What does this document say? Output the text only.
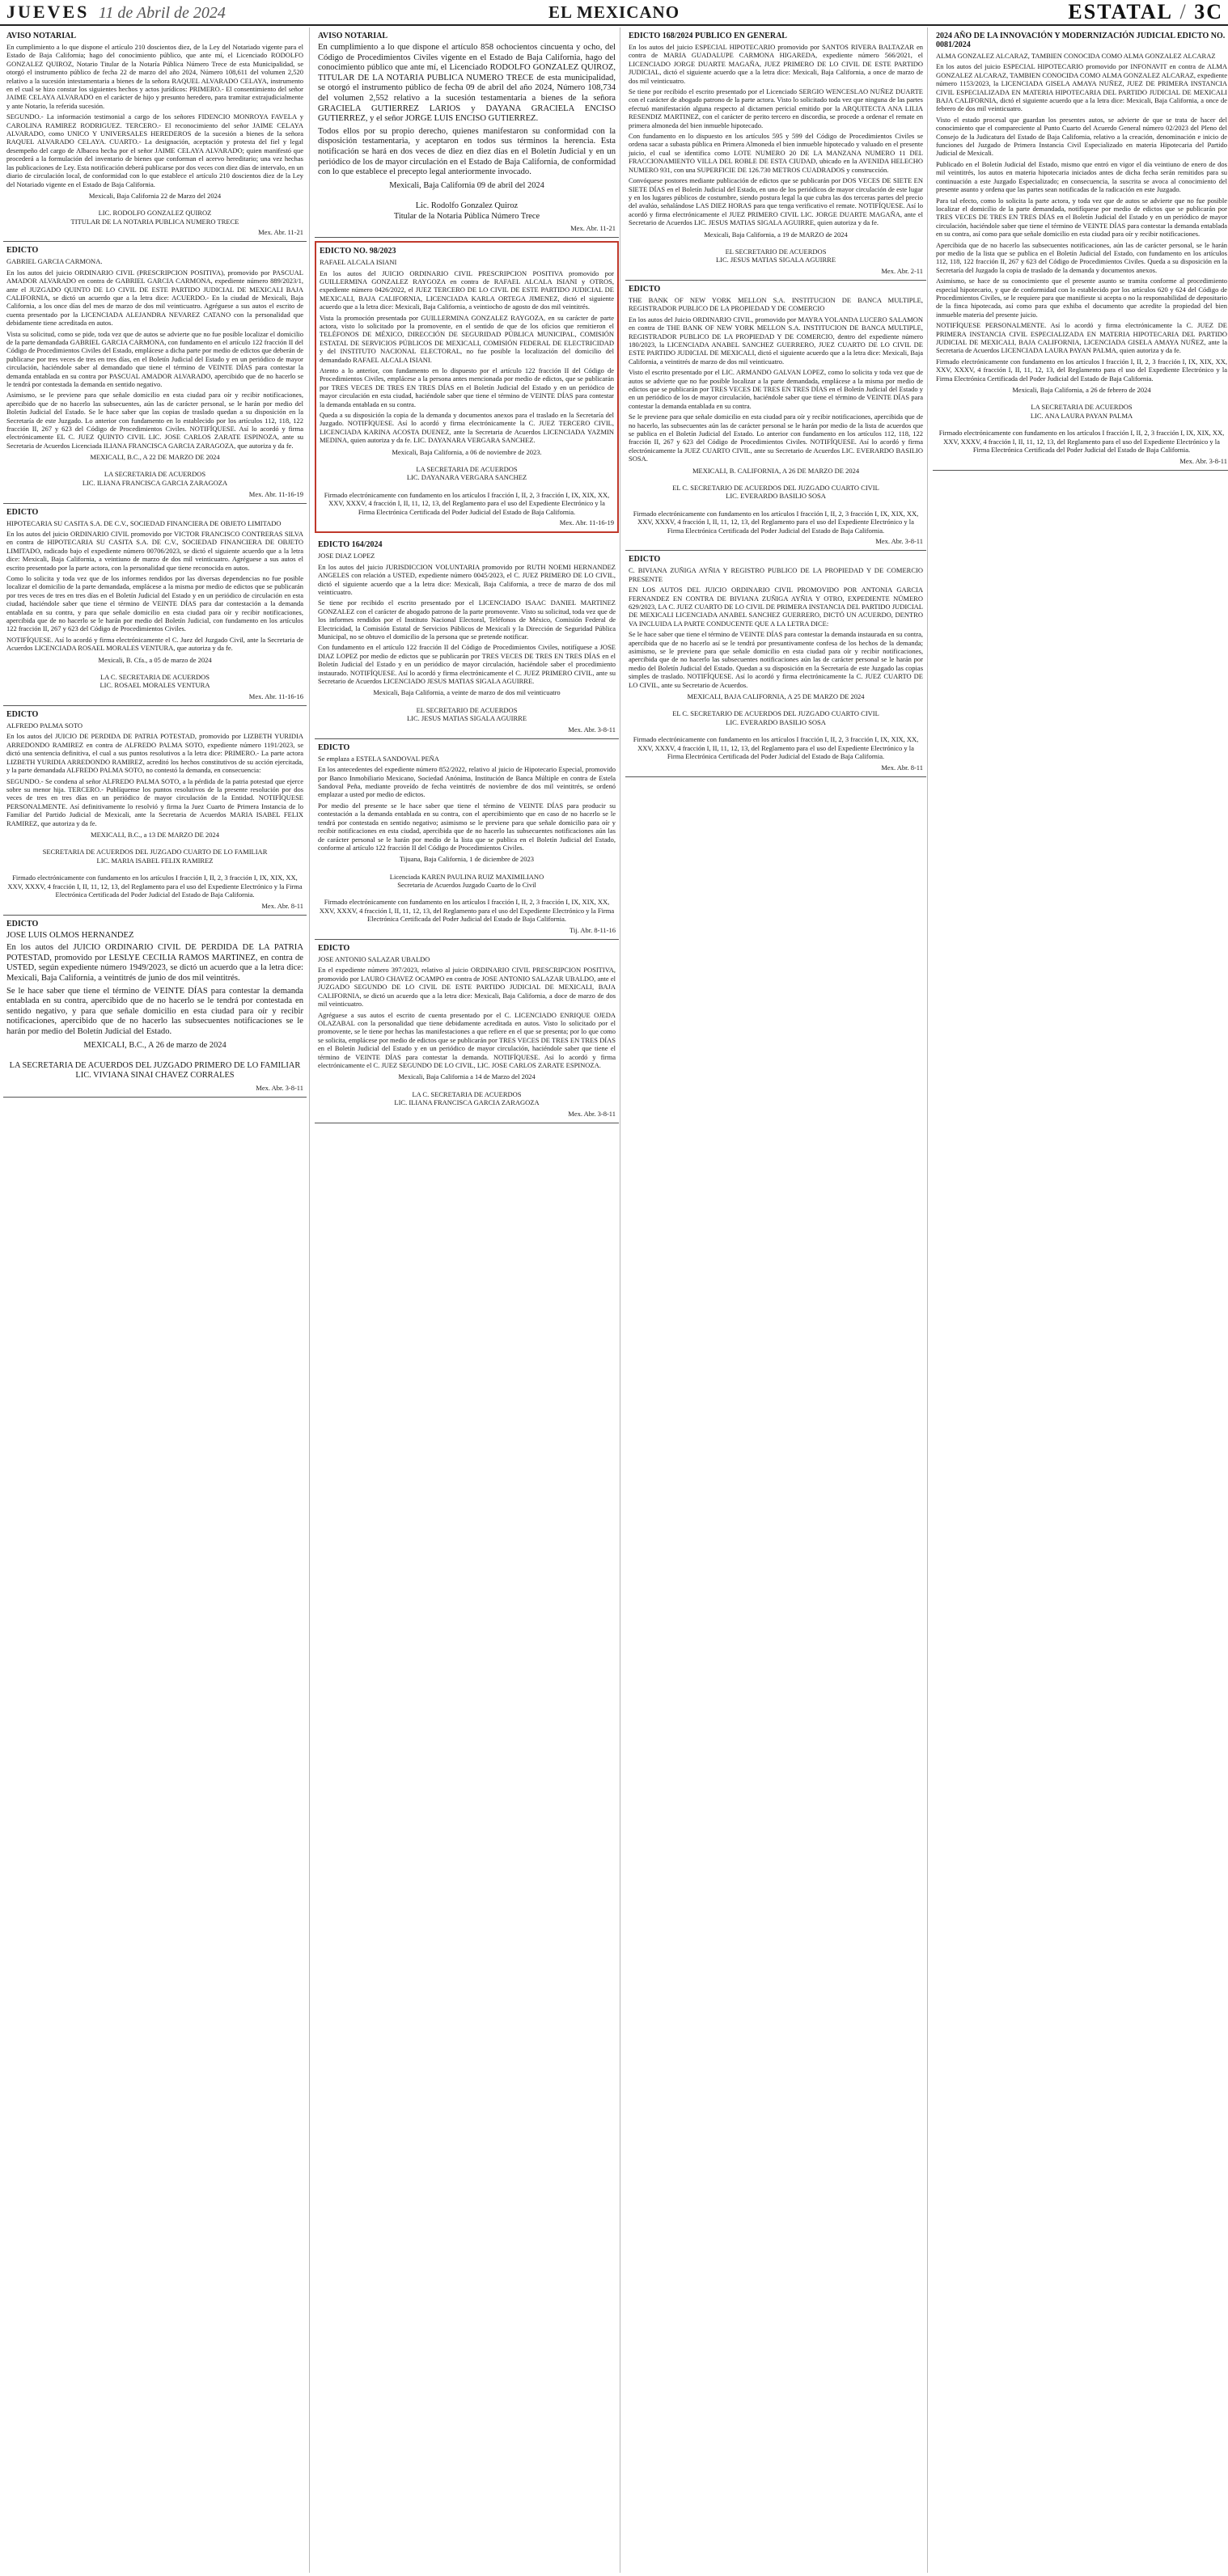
JUEVES 11 de Abril de 2024	EL MEXICANO	ESTATAL / 3C
AVISO NOTARIAL

En cumplimiento a lo que dispone el artículo 210 doscientos diez, de la Ley del Notariado vigente para el Estado de Baja California; hago del conocimiento público, que ante mí, el Licenciado RODOLFO GONZALEZ QUIROZ, Notario Titular de la Notaría Pública Número Trece de esta Municipalidad, se otorgó el instrumento público de fecha 22 de marzo del año 2024, Número 108,611 del volumen 2,520 relativo a la sucesión intestamentaria a bienes de la señora RAQUEL ALVARADO CELAYA, instrumento en el cual se hizo constar los siguientes hechos y actos jurídicos: PRIMERO.- El consentimiento del señor JAIME CELAYA ALVARADO en el carácter de hijo y presunto heredero, para tramitar extrajudicialmente y ante Notario, la referida sucesión.

SEGUNDO.- La información testimonial a cargo de los señores FIDENCIO MONROYA FAVELA y CAROLINA RAMIREZ RODRIGUEZ. TERCERO.- El reconocimiento del señor JAIME CELAYA ALVARADO, como UNICO Y UNIVERSALES HEREDEROS de la sucesión a bienes de la señora RAQUEL ALVARADO CELAYA. CUARTO.- La designación, aceptación y protesta del fiel y legal desempeño del cargo de Albacea hecha por el señor JAIME CELAYA ALVARADO; quien manifestó que procederá a la formulación del inventario de bienes que conforman el acervo hereditario; una vez hechas las publicaciones de Ley. Esta notificación deberá publicarse por dos veces con diez días de intervalo, en un diario de circulación local, de conformidad con lo que establece el artículo 210 doscientos diez de la Ley del Notariado vigente en el Estado de Baja California.

Mexicali, Baja California 22 de Marzo del 2024

LIC. RODOLFO GONZALEZ QUIROZ
TITULAR DE LA NOTARIA PUBLICA NUMERO TRECE
Mex. Abr. 11-21
EDICTO

GABRIEL GARCIA CARMONA.

En los autos del juicio ORDINARIO CIVIL (PRESCRIPCION POSITIVA), promovido por PASCUAL AMADOR ALVARADO en contra de GABRIEL GARCIA CARMONA, expediente número 889/2023/1, ante el JUZGADO QUINTO DE LO CIVIL DE ESTE PARTIDO JUDICIAL DE MEXICALI BAJA CALIFORNIA, se dictó un acuerdo que a la letra dice: ACUERDO.- En la ciudad de Mexicali, Baja California, a los once días del mes de marzo de dos mil veinticuatro. Agréguese a sus autos el escrito de cuenta presentado por la LICENCIADA ALEJANDRA NEVAREZ CATANO con la personalidad que debidamente tiene acreditada en autos.

Vista su solicitud, como se pide, toda vez que de autos se advierte que no fue posible localizar el domicilio de la parte demandada GABRIEL GARCIA CARMONA, con fundamento en el artículo 122 fracción II del Código de Procedimientos Civiles del Estado, emplácese a dicha parte por medio de edictos que deberán de publicarse por tres veces de tres en tres días, en el Boletín Judicial del Estado y en un periódico de mayor circulación, haciéndole saber al demandado que tiene el término de VEINTE DÍAS para contestar la demanda entablada en su contra por PASCUAL AMADOR ALVARADO, apercibido que de no hacerlo se le tendrá por contestada la demanda en sentido negativo.

Asimismo, se le previene para que señale domicilio en esta ciudad para oír y recibir notificaciones, apercibido que de no hacerlo las subsecuentes, aún las de carácter personal, se le harán por medio del Boletín Judicial del Estado. Se le hace saber que las copias de traslado quedan a su disposición en la Secretaría de este Juzgado. Lo anterior con fundamento en lo establecido por los artículos 112, 118, 122 fracción II, 267 y 623 del Código de Procedimientos Civiles. NOTIFÍQUESE. Así lo acordó y firma electrónicamente EL C. JUEZ QUINTO CIVIL LIC. JOSE CARLOS ZARATE ESPINOZA, ante su Secretaria de Acuerdos Licenciada ILIANA FRANCISCA GARCIA ZARAGOZA, que autoriza y da fe.

MEXICALI, B.C., A 22 DE MARZO DE 2024

LA SECRETARIA DE ACUERDOS
LIC. ILIANA FRANCISCA GARCIA ZARAGOZA
Mex. Abr. 11-16-19
EDICTO

HIPOTECARIA SU CASITA S.A. DE C.V., SOCIEDAD FINANCIERA DE OBJETO LIMITADO

En los autos del juicio ORDINARIO CIVIL promovido por VICTOR FRANCISCO CONTRERAS SILVA en contra de HIPOTECARIA SU CASITA S.A. DE C.V., SOCIEDAD FINANCIERA DE OBJETO LIMITADO, radicado bajo el expediente número 00706/2023, se dictó el siguiente acuerdo que a la letra dice: Mexicali, Baja California, a veintiuno de marzo de dos mil veinticuatro. Agréguese a sus autos el escrito presentado por la parte actora, con la personalidad que tiene reconocida en autos.

Como lo solicita y toda vez que de los informes rendidos por las diversas dependencias no fue posible localizar el domicilio de la parte demandada, emplácese a la misma por medio de edictos que se publicarán por tres veces de tres en tres días en el Boletín Judicial del Estado y en un periódico de circulación en esta ciudad, haciéndole saber que tiene el término de VEINTE DÍAS para dar contestación a la demanda entablada en su contra, y para que señale domicilio en esta ciudad para oír y recibir notificaciones, apercibida que de no hacerlo se le harán por medio del Boletín Judicial, con fundamento en los artículos 122 fracción II, 267 y 623 del Código de Procedimientos Civiles.

NOTIFÍQUESE. Así lo acordó y firma electrónicamente el C. Juez del Juzgado Civil, ante la Secretaria de Acuerdos LICENCIADA ROSAEL MORALES VENTURA, que autoriza y da fe.

Mexicali, B. Cfa., a 05 de marzo de 2024

LA C. SECRETARIA DE ACUERDOS
LIC. ROSAEL MORALES VENTURA
Mex. Abr. 11-16-16
EDICTO

ALFREDO PALMA SOTO

En los autos del JUICIO DE PERDIDA DE PATRIA POTESTAD, promovido por LIZBETH YURIDIA ARREDONDO RAMIREZ en contra de ALFREDO PALMA SOTO, expediente número 1191/2023, se dictó una sentencia definitiva, el cual a sus puntos resolutivos a la letra dice: PRIMERO.- La parte actora LIZBETH YURIDIA ARREDONDO RAMIREZ, acreditó los hechos constitutivos de su acción ejercitada, y la parte demandada ALFREDO PALMA SOTO, no contestó la demanda, en consecuencia:

SEGUNDO.- Se condena al señor ALFREDO PALMA SOTO, a la pérdida de la patria potestad que ejerce sobre su menor hija. TERCERO.- Publíquense los puntos resolutivos de la presente resolución por dos veces de tres en tres días en un periódico de mayor circulación de la Entidad. NOTIFÍQUESE PERSONALMENTE. Así definitivamente lo resolvió y firma la Juez Cuarto de Primera Instancia de lo Familiar del Partido Judicial de Mexicali, ante la Secretaria de Acuerdos MARIA ISABEL FELIX RAMIREZ, que autoriza y da fe.

MEXICALI, B.C., a 13 DE MARZO DE 2024

SECRETARIA DE ACUERDOS DEL JUZGADO CUARTO DE LO FAMILIAR
LIC. MARIA ISABEL FELIX RAMIREZ

Firmado electrónicamente con fundamento en los artículos I fracción I, II, 2, 3 fracción I, IX, XIX, XX, XXV, XXXV, 4 fracción I, II, 11, 12, 13, del Reglamento para el uso del Expediente Electrónico y la Firma Electrónica Certificada del Poder Judicial del Estado de Baja California.
Mex. Abr. 8-11
EDICTO

JOSE LUIS OLMOS HERNANDEZ

En los autos del JUICIO ORDINARIO CIVIL DE PERDIDA DE LA PATRIA POTESTAD, promovido por LESLYE CECILIA RAMOS MARTINEZ, en contra de USTED, según expediente número 1949/2023, se dictó un acuerdo que a la letra dice: Mexicali, Baja California, a veintitrés de junio de dos mil veintitrés.

Se le hace saber que tiene el término de VEINTE DÍAS para contestar la demanda entablada en su contra, apercibido que de no hacerlo se le tendrá por contestada en sentido negativo, y para que señale domicilio en esta ciudad para oír y recibir notificaciones, apercibido que de no hacerlo las subsecuentes notificaciones se le harán por medio del Boletín Judicial del Estado.

MEXICALI, B.C., A 26 de marzo de 2024

LA SECRETARIA DE ACUERDOS DEL JUZGADO PRIMERO DE LO FAMILIAR
LIC. VIVIANA SINAI CHAVEZ CORRALES
Mex. Abr. 3-8-11
AVISO NOTARIAL

En cumplimiento a lo que dispone el artículo 858 ochocientos cincuenta y ocho, del Código de Procedimientos Civiles vigente en el Estado de Baja California, hago del conocimiento público que ante mí, el Licenciado RODOLFO GONZALEZ QUIROZ, TITULAR DE LA NOTARIA PUBLICA NUMERO TRECE de esta municipalidad, se otorgó el instrumento público de fecha 09 de abril del año 2024, Número 108,734 del volumen 2,552 relativo a la sucesión testamentaria a bienes de la señora GRACIELA GUTIERREZ LARIOS y DAYANA GRACIELA ENCISO GUTIERREZ, y el señor JORGE LUIS ENCISO GUTIERREZ.

Todos ellos por su propio derecho, quienes manifestaron su conformidad con la disposición testamentaria, y aceptaron en todos sus términos la herencia. Esta notificación se hará en dos veces de diez en diez días en el Boletín Judicial y en un periódico de los de mayor circulación en el Estado de Baja California, de conformidad con lo que establece el precepto legal anteriormente invocado.

Mexicali, Baja California 09 de abril del 2024

Lic. Rodolfo Gonzalez Quiroz
Titular de la Notaria Pública Número Trece
Mex. Abr. 11-21
EDICTO NO. 98/2023

RAFAEL ALCALA ISIANI

En los autos del JUICIO ORDINARIO CIVIL PRESCRIPCION POSITIVA promovido por GUILLERMINA GONZALEZ RAYGOZA en contra de RAFAEL ALCALA ISIANI y OTROS, expediente número 0426/2022, el JUEZ TERCERO DE LO CIVIL DE ESTE PARTIDO JUDICIAL DE MEXICALI, BAJA CALIFORNIA, LICENCIADA KARLA ORTEGA JIMENEZ, dictó el siguiente acuerdo que a la letra dice: Mexicali, Baja California, a veintiocho de agosto de dos mil veintitrés.

Vista la promoción presentada por GUILLERMINA GONZALEZ RAYGOZA, en su carácter de parte actora, visto lo solicitado por la promovente, en el sentido de que de los oficios que remitieron el TELÉFONOS DE MÉXICO, DIRECCIÓN DE SEGURIDAD PÚBLICA MUNICIPAL, COMISIÓN ESTATAL DE SERVICIOS PÚBLICOS DE MEXICALI, COMISIÓN FEDERAL DE ELECTRICIDAD y del INSTITUTO NACIONAL ELECTORAL, no fue posible la localización del domicilio del demandado RAFAEL ALCALA ISIANI.

Atento a lo anterior, con fundamento en lo dispuesto por el artículo 122 fracción II del Código de Procedimientos Civiles, emplácese a la persona antes mencionada por medio de edictos, que se publicarán por TRES VECES DE TRES EN TRES DÍAS en el Boletín Judicial del Estado y en un periódico de mayor circulación en esta ciudad, haciéndole saber que tiene el término de VEINTE DÍAS para contestar la demanda entablada en su contra.

Queda a su disposición la copia de la demanda y documentos anexos para el traslado en la Secretaría del Juzgado. NOTIFÍQUESE. Así lo acordó y firma electrónicamente la C. JUEZ TERCERO CIVIL, LICENCIADA KARINA ACOSTA DUENEZ, ante la Secretaria de Acuerdos LICENCIADA YAZMIN MEDINA, quien autoriza y da fe. LIC. DAYANARA VERGARA SANCHEZ.

Mexicali, Baja California, a 06 de noviembre de 2023.

LA SECRETARIA DE ACUERDOS
LIC. DAYANARA VERGARA SANCHEZ

Firmado electrónicamente con fundamento en los artículos I fracción I, II, 2, 3 fracción I, IX, XIX, XX, XXV, XXXV, 4 fracción I, II, 11, 12, 13, del Reglamento para el uso del Expediente Electrónico y la Firma Electrónica Certificada del Poder Judicial del Estado de Baja California.
Mex. Abr. 11-16-19
EDICTO 164/2024

JOSE DIAZ LOPEZ

En los autos del juicio JURISDICCION VOLUNTARIA promovido por RUTH NOEMI HERNANDEZ ANGELES con relación a USTED, expediente número 0045/2023, el C. JUEZ PRIMERO DE LO CIVIL, dictó el siguiente acuerdo que a la letra dice: Mexicali, Baja California, a trece de marzo de dos mil veinticuatro.

Se tiene por recibido el escrito presentado por el LICENCIADO ISAAC DANIEL MARTINEZ GONZALEZ con el carácter de abogado patrono de la parte promovente. Visto su solicitud, toda vez que de los informes rendidos por el Instituto Nacional Electoral, Teléfonos de México, Comisión Federal de Electricidad, la Comisión Estatal de Servicios Públicos de Mexicali y la Dirección de Seguridad Pública Municipal, no se obtuvo el domicilio de la persona que se pretende notificar.

Con fundamento en el artículo 122 fracción II del Código de Procedimientos Civiles, notifíquese a JOSE DIAZ LOPEZ por medio de edictos que se publicarán por TRES VECES DE TRES EN TRES DÍAS en el Boletín Judicial del Estado y en un periódico de mayor circulación, haciéndole saber el procedimiento instaurado. NOTIFÍQUESE. Así lo acordó y firma electrónicamente el C. JUEZ PRIMERO CIVIL, ante su Secretario de Acuerdos LICENCIADO JESUS MATIAS SIGALA AGUIRRE.

Mexicali, Baja California, a veinte de marzo de dos mil veinticuatro

EL SECRETARIO DE ACUERDOS
LIC. JESUS MATIAS SIGALA AGUIRRE
Mex. Abr. 3-8-11
EDICTO

Se emplaza a ESTELA SANDOVAL PEÑA

En los antecedentes del expediente número 852/2022, relativo al juicio de Hipotecario Especial, promovido por Banco Inmobiliario Mexicano, Sociedad Anónima, Institución de Banca Múltiple en contra de Estela Sandoval Peña, mediante proveído de fecha veintitrés de noviembre de dos mil veintitrés, se ordenó emplazar a usted por medio de edictos.

Por medio del presente se le hace saber que tiene el término de VEINTE DÍAS para producir su contestación a la demanda entablada en su contra, con el apercibimiento que en caso de no hacerlo se le tendrá por contestada en sentido negativo; asimismo se le previene para que señale domicilio para oír y recibir notificaciones en esta ciudad, apercibida que de no hacerlo las subsecuentes notificaciones aún las de carácter personal se le harán por medio de la lista que se publica en el Boletín Judicial del Estado, conforme al artículo 122 fracción II del Código de Procedimientos Civiles.

Tijuana, Baja California, 1 de diciembre de 2023

Licenciada KAREN PAULINA RUIZ MAXIMILIANO
Secretaria de Acuerdos Juzgado Cuarto de lo Civil

Firmado electrónicamente con fundamento en los artículos I fracción I, II, 2, 3 fracción I, IX, XIX, XX, XXV, XXXV, 4 fracción I, II, 11, 12, 13, del Reglamento para el uso del Expediente Electrónico y la Firma Electrónica Certificada del Poder Judicial del Estado de Baja California.
Tij. Abr. 8-11-16
EDICTO

JOSE ANTONIO SALAZAR UBALDO

En el expediente número 397/2023, relativo al juicio ORDINARIO CIVIL PRESCRIPCION POSITIVA, promovido por LAURO CHAVEZ OCAMPO en contra de JOSE ANTONIO SALAZAR UBALDO, ante el JUZGADO SEGUNDO DE LO CIVIL DE ESTE PARTIDO JUDICIAL DE MEXICALI, BAJA CALIFORNIA, se dictó un acuerdo que a la letra dice: Mexicali, Baja California, a doce de marzo de dos mil veinticuatro.

Agréguese a sus autos el escrito de cuenta presentado por el C. LICENCIADO ENRIQUE OJEDA OLAZABAL con la personalidad que tiene debidamente acreditada en autos. Visto lo solicitado por el promovente, se le tiene por hechas las manifestaciones a que refiere en el que se presenta; por lo que como se solicita, emplácese por medio de edictos que se publicarán por TRES VECES DE TRES EN TRES DÍAS en el Boletín Judicial del Estado y en un periódico de mayor circulación, haciéndole saber que tiene el término de VEINTE DÍAS para contestar la demanda. NOTIFÍQUESE. Así lo acordó y firma electrónicamente el C. JUEZ SEGUNDO DE LO CIVIL, LIC. JOSE CARLOS ZARATE ESPINOZA.

Mexicali, Baja California a 14 de Marzo del 2024

LA C. SECRETARIA DE ACUERDOS
LIC. ILIANA FRANCISCA GARCIA ZARAGOZA
Mex. Abr. 3-8-11
EDICTO 168/2024 PUBLICO EN GENERAL

En los autos del juicio ESPECIAL HIPOTECARIO promovido por SANTOS RIVERA BALTAZAR en contra de MARIA GUADALUPE CARMONA HIGAREDA, expediente número 566/2021, el LICENCIADO JORGE DUARTE MAGAÑA, JUEZ PRIMERO DE LO CIVIL DE ESTE PARTIDO JUDICIAL, dictó el siguiente acuerdo que a la letra dice: Mexicali, Baja California, a once de marzo de dos mil veinticuatro.

Se tiene por recibido el escrito presentado por el Licenciado SERGIO WENCESLAO NUÑEZ DUARTE con el carácter de abogado patrono de la parte actora. Visto lo solicitado toda vez que ninguna de las partes efectuó manifestación alguna respecto al dictamen pericial emitido por la ARQUITECTA ANA LILIA RESENDIZ MARTINEZ, con el carácter de perito tercero en discordia, se procede a ordenar el remate en primera almoneda del bien inmueble hipotecado.

Con fundamento en lo dispuesto en los artículos 595 y 599 del Código de Procedimientos Civiles se ordena sacar a subasta pública en Primera Almoneda el bien inmueble hipotecado y valuado en el presente juicio, el cual se identifica como LOTE NUMERO 20 DE LA MANZANA NUMERO 11 DEL FRACCIONAMIENTO VILLA DEL ROBLE DE ESTA CIUDAD, ubicado en la AVENIDA HELECHO NUMERO 931, con una SUPERFICIE DE 126.730 METROS CUADRADOS y construcción.

Convóquese postores mediante publicación de edictos que se publicarán por DOS VECES DE SIETE EN SIETE DÍAS en el Boletín Judicial del Estado, en uno de los periódicos de mayor circulación de este lugar y en los lugares públicos de costumbre, siendo postura legal la que cubra las dos terceras partes del precio del avalúo, señalándose LAS DIEZ HORAS para que tenga verificativo el remate. NOTIFÍQUESE. Así lo acordó y firma electrónicamente el JUEZ PRIMERO CIVIL LIC. JORGE DUARTE MAGAÑA, ante el Secretario de Acuerdos LIC. JESUS MATIAS SIGALA AGUIRRE, quien autoriza y da fe.

Mexicali, Baja California, a 19 de MARZO de 2024

EL SECRETARIO DE ACUERDOS
LIC. JESUS MATIAS SIGALA AGUIRRE
Mex. Abr. 2-11
EDICTO

THE BANK OF NEW YORK MELLON S.A. INSTITUCION DE BANCA MULTIPLE, REGISTRADOR PUBLICO DE LA PROPIEDAD Y DE COMERCIO

En los autos del Juicio ORDINARIO CIVIL, promovido por MAYRA YOLANDA LUCERO SALAMON en contra de THE BANK OF NEW YORK MELLON S.A. INSTITUCION DE BANCA MULTIPLE, REGISTRADOR PUBLICO DE LA PROPIEDAD Y DE COMERCIO, dentro del expediente número 180/2023, la LICENCIADA ANABEL SANCHEZ GUERRERO, JUEZ CUARTO DE LO CIVIL DE ESTE PARTIDO JUDICIAL DE MEXICALI, dictó el siguiente acuerdo que a la letra dice: Mexicali, Baja California, a veintitrés de marzo de dos mil veinticuatro.

Visto el escrito presentado por el LIC. ARMANDO GALVAN LOPEZ, como lo solicita y toda vez que de autos se advierte que no fue posible localizar a la parte demandada, emplácese a la misma por medio de edictos que se publicarán por TRES VECES DE TRES EN TRES DÍAS en el Boletín Judicial del Estado y en un periódico de los de mayor circulación, haciéndole saber que tiene el término de VEINTE DÍAS para contestar la demanda entablada en su contra.

Se le previene para que señale domicilio en esta ciudad para oír y recibir notificaciones, apercibida que de no hacerlo, las subsecuentes aún las de carácter personal se le harán por medio de la lista de acuerdos que se publica en el Boletín Judicial del Estado. Lo anterior con fundamento en los artículos 112, 118, 122 fracción II, 267 y 623 del Código de Procedimientos Civiles. NOTIFÍQUESE. Así lo acordó y firma electrónicamente la JUEZ CUARTO CIVIL, ante su Secretario de Acuerdos LIC. EVERARDO BASILIO SOSA.

MEXICALI, B. CALIFORNIA, A 26 DE MARZO DE 2024

EL C. SECRETARIO DE ACUERDOS DEL JUZGADO CUARTO CIVIL
LIC. EVERARDO BASILIO SOSA

Firmado electrónicamente con fundamento en los artículos I fracción I, II, 2, 3 fracción I, IX, XIX, XX, XXV, XXXV, 4 fracción I, II, 11, 12, 13, del Reglamento para el uso del Expediente Electrónico y la Firma Electrónica Certificada del Poder Judicial del Estado de Baja California.
Mex. Abr. 3-8-11
EDICTO

C. BIVIANA ZUÑIGA AYÑIA Y REGISTRO PUBLICO DE LA PROPIEDAD Y DE COMERCIO PRESENTE

EN LOS AUTOS DEL JUICIO ORDINARIO CIVIL PROMOVIDO POR ANTONIA GARCIA FERNANDEZ EN CONTRA DE BIVIANA ZUÑIGA AYÑIA Y OTRO, EXPEDIENTE NÚMERO 629/2023, LA C. JUEZ CUARTO DE LO CIVIL DE PRIMERA INSTANCIA DEL PARTIDO JUDICIAL DE MEXICALI LICENCIADA ANABEL SANCHEZ GUERRERO, DICTÓ UN ACUERDO, DENTRO VA INCLUIDA LA PARTE CONDUCENTE QUE A LA LETRA DICE:

Se le hace saber que tiene el término de VEINTE DÍAS para contestar la demanda instaurada en su contra, apercibida que de no hacerlo así se le tendrá por presuntivamente confesa de los hechos de la demanda; asimismo, se le previene para que señale domicilio en esta ciudad para oír y recibir notificaciones, apercibida que de no hacerlo las subsecuentes notificaciones aún las de carácter personal se le harán por medio del Boletín Judicial del Estado. Quedan a su disposición en la Secretaría de este Juzgado las copias simples de traslado. NOTIFÍQUESE. Así lo acordó y firma electrónicamente la C. JUEZ CUARTO DE LO CIVIL, ante su Secretario de Acuerdos.

MEXICALI, BAJA CALIFORNIA, A 25 DE MARZO DE 2024

EL C. SECRETARIO DE ACUERDOS DEL JUZGADO CUARTO CIVIL
LIC. EVERARDO BASILIO SOSA

Firmado electrónicamente con fundamento en los artículos I fracción I, II, 2, 3 fracción I, IX, XIX, XX, XXV, XXXV, 4 fracción I, II, 11, 12, 13, del Reglamento para el uso del Expediente Electrónico y la Firma Electrónica Certificada del Poder Judicial del Estado de Baja California.
Mex. Abr. 8-11
2024 AÑO DE LA INNOVACIÓN Y MODERNIZACIÓN JUDICIAL EDICTO NO. 0081/2024

ALMA GONZALEZ ALCARAZ, TAMBIEN CONOCIDA COMO ALMA GONZALEZ ALCARAZ

En los autos del juicio ESPECIAL HIPOTECARIO promovido por INFONAVIT en contra de ALMA GONZALEZ ALCARAZ, TAMBIEN CONOCIDA COMO ALMA GONZALEZ ALCARAZ, expediente número 1153/2023, la LICENCIADA GISELA AMAYA NUÑEZ, JUEZ DE PRIMERA INSTANCIA CIVIL ESPECIALIZADA EN MATERIA HIPOTECARIA DEL PARTIDO JUDICIAL DE MEXICALI BAJA CALIFORNIA, dictó el siguiente acuerdo que a la letra dice: Mexicali, Baja California, a once de febrero de dos mil veinticuatro.

Visto el estado procesal que guardan los presentes autos, se advierte de que se trata de hacer del conocimiento que el compareciente al Punto Cuarto del Acuerdo General número 02/2023 del Pleno del Consejo de la Judicatura del Estado de Baja California, relativo a la creación, denominación e inicio de funciones del Juzgado de Primera Instancia Civil Especializado en materia Hipotecaria del Partido Judicial de Mexicali.

Publicado en el Boletín Judicial del Estado, mismo que entró en vigor el día veintiuno de enero de dos mil veintitrés, los autos en materia hipotecaria iniciados antes de dicha fecha serán remitidos para su continuación a este Juzgado Especializado; en consecuencia, la suscrita se avoca al conocimiento del presente asunto y ordena que las partes sean notificadas de la radicación en este Juzgado.

Para tal efecto, como lo solicita la parte actora, y toda vez que de autos se advierte que no fue posible localizar el domicilio de la parte demandada, notifíquese por medio de edictos que se publicarán por TRES VECES DE TRES EN TRES DÍAS en el Boletín Judicial del Estado y en un periódico de mayor circulación, haciéndole saber que tiene el término de VEINTE DÍAS para contestar la demanda entablada en su contra, así como para que señale domicilio en esta ciudad para oír y recibir notificaciones.

Apercibida que de no hacerlo las subsecuentes notificaciones, aún las de carácter personal, se le harán por medio de la lista que se publica en el Boletín Judicial del Estado, con fundamento en los artículos 112, 118, 122 fracción II, 267 y 623 del Código de Procedimientos Civiles. Queda a su disposición en la Secretaría del Juzgado la copia de traslado de la demanda y documentos anexos.

Asimismo, se hace de su conocimiento que el presente asunto se tramita conforme al procedimiento especial hipotecario, y que de conformidad con lo establecido por los artículos 620 y 624 del Código de Procedimientos Civiles, se le requiere para que manifieste si acepta o no la responsabilidad de depositario de la finca hipotecada, así como para que exhiba el documento que acredite la propiedad del bien inmueble materia del presente juicio.

NOTIFÍQUESE PERSONALMENTE. Así lo acordó y firma electrónicamente la C. JUEZ DE PRIMERA INSTANCIA CIVIL ESPECIALIZADA EN MATERIA HIPOTECARIA DEL PARTIDO JUDICIAL DE MEXICALI, BAJA CALIFORNIA, LICENCIADA GISELA AMAYA NUÑEZ, ante la Secretaria de Acuerdos LICENCIADA LAURA PAYAN PALMA, quien autoriza y da fe.

Firmado electrónicamente con fundamento en los artículos I fracción I, II, 2, 3 fracción I, IX, XIX, XX, XXV, XXXV, 4 fracción I, II, 11, 12, 13, del Reglamento para el uso del Expediente Electrónico y la Firma Electrónica Certificada del Poder Judicial del Estado de Baja California.

Mexicali, Baja California, a 26 de febrero de 2024

LA SECRETARIA DE ACUERDOS
LIC. ANA LAURA PAYAN PALMA

Firmado electrónicamente con fundamento en los artículos I fracción I, II, 2, 3 fracción I, IX, XIX, XX, XXV, XXXV, 4 fracción I, II, 11, 12, 13, del Reglamento para el uso del Expediente Electrónico y la Firma Electrónica Certificada del Poder Judicial del Estado de Baja California.
Mex. Abr. 3-8-11
